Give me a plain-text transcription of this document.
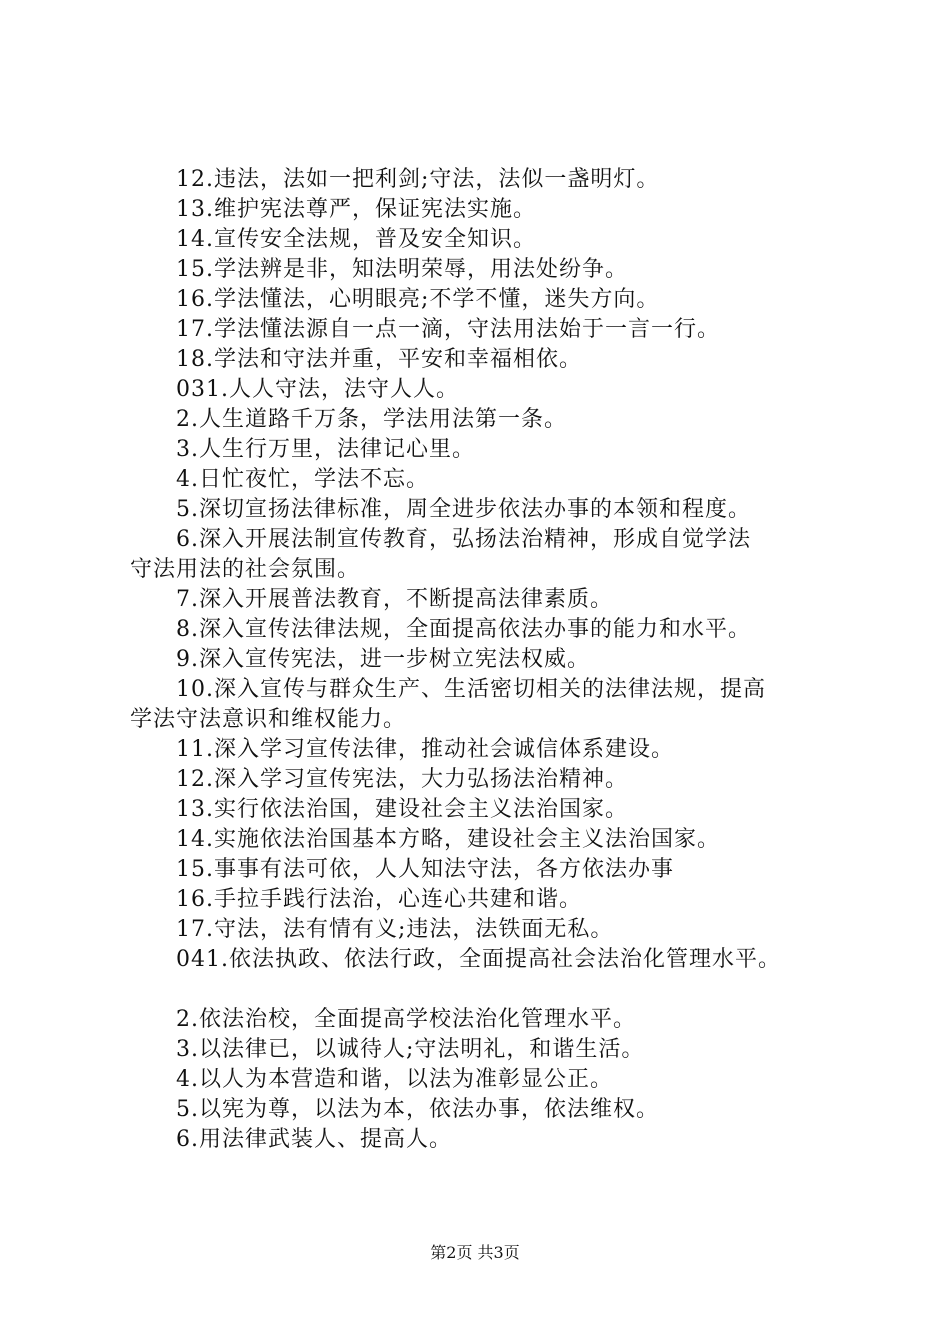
12.违法，法如一把利剑;守法，法似一盏明灯。
13.维护宪法尊严，保证宪法实施。
14.宣传安全法规，普及安全知识。
15.学法辨是非，知法明荣辱，用法处纷争。
16.学法懂法，心明眼亮;不学不懂，迷失方向。
17.学法懂法源自一点一滴，守法用法始于一言一行。
18.学法和守法并重，平安和幸福相依。
031.人人守法，法守人人。
2.人生道路千万条，学法用法第一条。
3.人生行万里，法律记心里。
4.日忙夜忙，学法不忘。
5.深切宣扬法律标准，周全进步依法办事的本领和程度。
6.深入开展法制宣传教育，弘扬法治精神，形成自觉学法
守法用法的社会氛围。
7.深入开展普法教育，不断提高法律素质。
8.深入宣传法律法规，全面提高依法办事的能力和水平。
9.深入宣传宪法，进一步树立宪法权威。
10.深入宣传与群众生产、生活密切相关的法律法规，提高
学法守法意识和维权能力。
11.深入学习宣传法律，推动社会诚信体系建设。
12.深入学习宣传宪法，大力弘扬法治精神。
13.实行依法治国，建设社会主义法治国家。
14.实施依法治国基本方略，建设社会主义法治国家。
15.事事有法可依，人人知法守法，各方依法办事
16.手拉手践行法治，心连心共建和谐。
17.守法，法有情有义;违法，法铁面无私。
041.依法执政、依法行政，全面提高社会法治化管理水平。
2.依法治校，全面提高学校法治化管理水平。
3.以法律已，以诚待人;守法明礼，和谐生活。
4.以人为本营造和谐，以法为准彰显公正。
5.以宪为尊，以法为本，依法办事，依法维权。
6.用法律武装人、提高人。
第2页 共3页
